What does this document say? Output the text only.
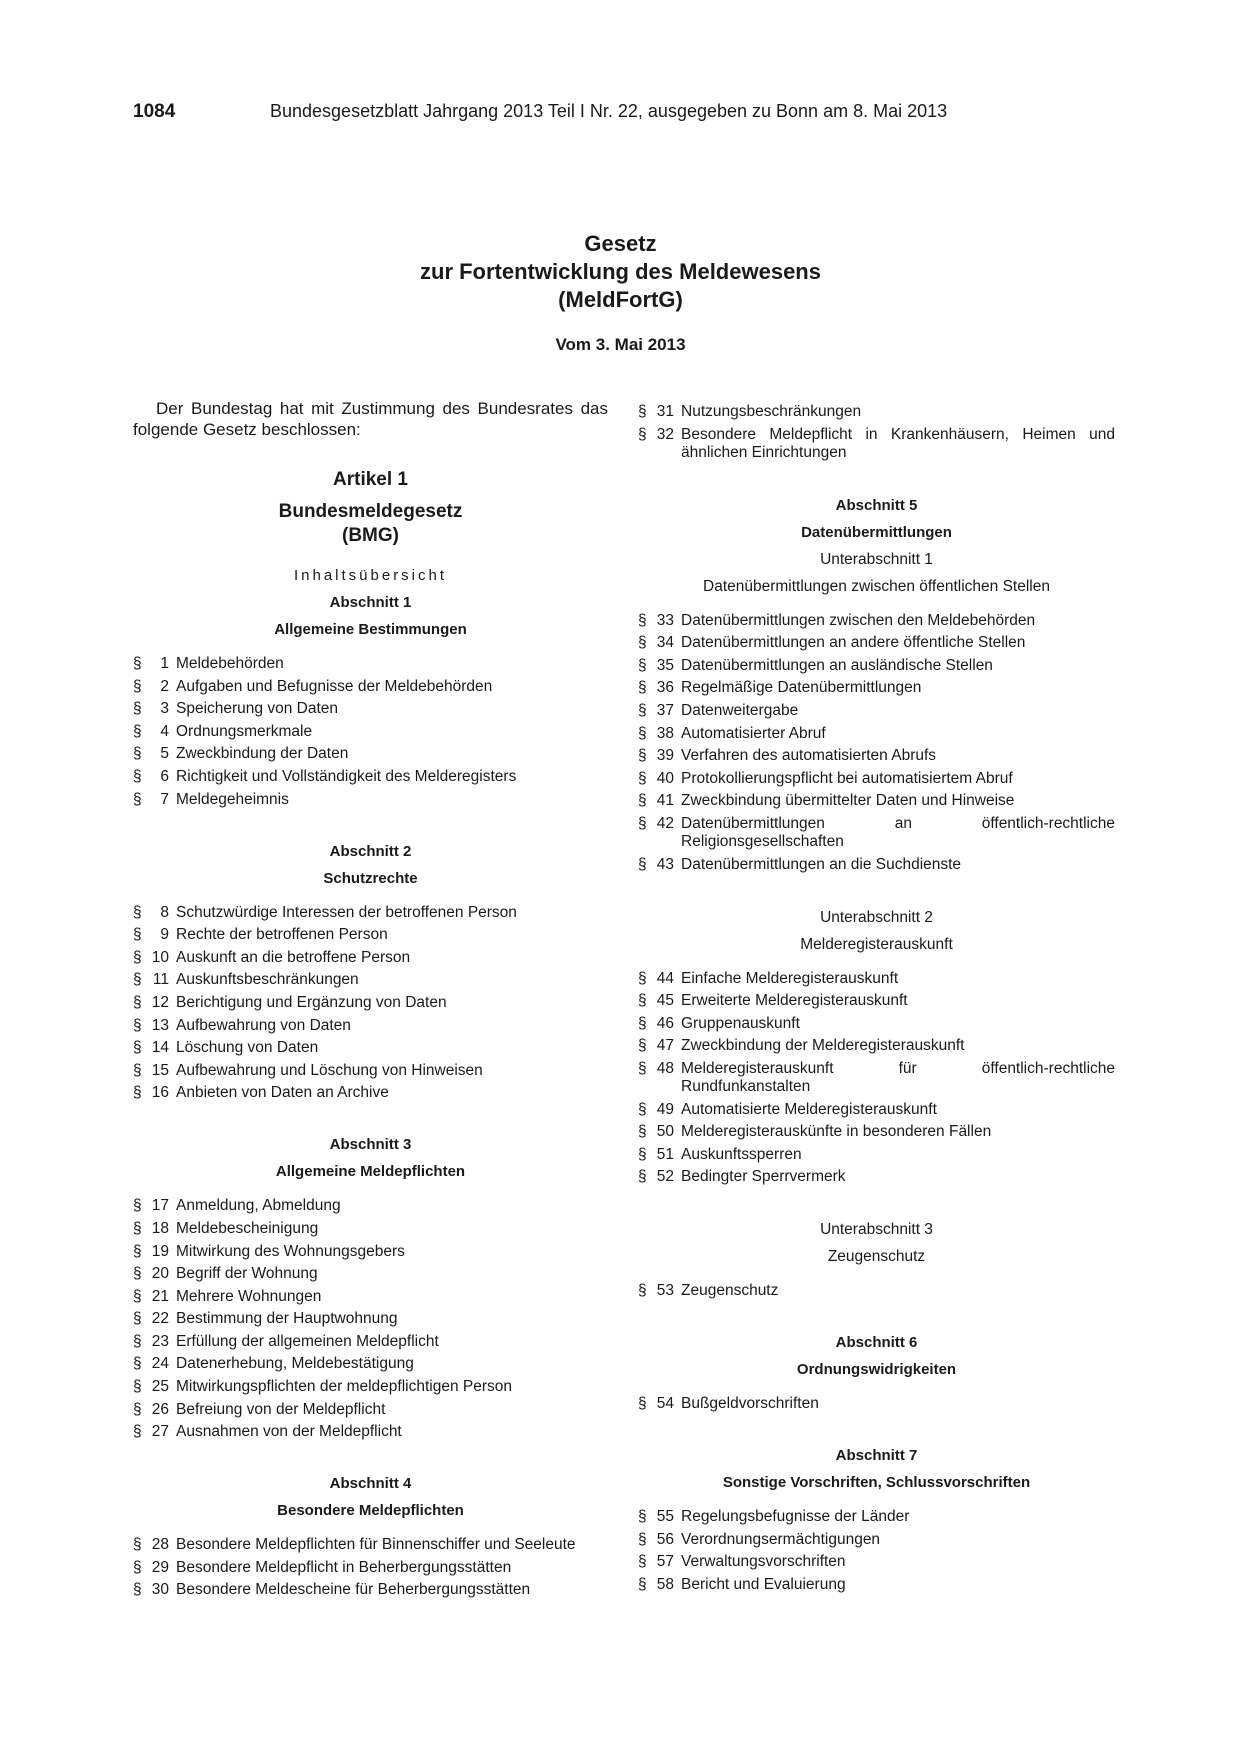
1084	Bundesgesetzblatt Jahrgang 2013 Teil I Nr. 22, ausgegeben zu Bonn am 8. Mai 2013
Gesetz
zur Fortentwicklung des Meldewesens
(MeldFortG)
Vom 3. Mai 2013

Der Bundestag hat mit Zustimmung des Bundesrates das folgende Gesetz beschlossen:

Artikel 1
Bundesmeldegesetz
(BMG)
Inhaltsübersicht
Abschnitt 1
Allgemeine Bestimmungen
§	1 Meldebehörden
§	2 Aufgaben und Befugnisse der Meldebehörden
§	3 Speicherung von Daten
§	4 Ordnungsmerkmale
§	5 Zweckbindung der Daten
§	6 Richtigkeit und Vollständigkeit des Melderegisters
§	7 Meldegeheimnis
Abschnitt 2
Schutzrechte
§	8 Schutzwürdige Interessen der betroffenen Person
§	9 Rechte der betroffenen Person
§ 10 Auskunft an die betroffene Person
§ 11 Auskunftsbeschränkungen
§ 12 Berichtigung und Ergänzung von Daten
§ 13 Aufbewahrung von Daten
§ 14 Löschung von Daten
§ 15 Aufbewahrung und Löschung von Hinweisen
§ 16 Anbieten von Daten an Archive
Abschnitt 3
Allgemeine Meldepflichten
§ 17 Anmeldung, Abmeldung
§ 18 Meldebescheinigung
§ 19 Mitwirkung des Wohnungsgebers
§ 20 Begriff der Wohnung
§ 21 Mehrere Wohnungen
§ 22 Bestimmung der Hauptwohnung
§ 23 Erfüllung der allgemeinen Meldepflicht
§ 24 Datenerhebung, Meldebestätigung
§ 25 Mitwirkungspflichten der meldepflichtigen Person
§ 26 Befreiung von der Meldepflicht
§ 27 Ausnahmen von der Meldepflicht
Abschnitt 4
Besondere Meldepflichten
§ 28 Besondere Meldepflichten für Binnenschiffer und Seeleute
§ 29 Besondere Meldepflicht in Beherbergungsstätten
§ 30 Besondere Meldescheine für Beherbergungsstätten
§ 31 Nutzungsbeschränkungen
§ 32 Besondere Meldepflicht in Krankenhäusern, Heimen und ähnlichen Einrichtungen
Abschnitt 5
Datenübermittlungen
Unterabschnitt 1
Datenübermittlungen zwischen öffentlichen Stellen
§ 33 Datenübermittlungen zwischen den Meldebehörden
§ 34 Datenübermittlungen an andere öffentliche Stellen
§ 35 Datenübermittlungen an ausländische Stellen
§ 36 Regelmäßige Datenübermittlungen
§ 37 Datenweitergabe
§ 38 Automatisierter Abruf
§ 39 Verfahren des automatisierten Abrufs
§ 40 Protokollierungspflicht bei automatisiertem Abruf
§ 41 Zweckbindung übermittelter Daten und Hinweise
§ 42 Datenübermittlungen an öffentlich-rechtliche Religionsgesellschaften
§ 43 Datenübermittlungen an die Suchdienste
Unterabschnitt 2
Melderegisterauskunft
§ 44 Einfache Melderegisterauskunft
§ 45 Erweiterte Melderegisterauskunft
§ 46 Gruppenauskunft
§ 47 Zweckbindung der Melderegisterauskunft
§ 48 Melderegisterauskunft für öffentlich-rechtliche Rundfunkanstalten
§ 49 Automatisierte Melderegisterauskunft
§ 50 Melderegisterauskünfte in besonderen Fällen
§ 51 Auskunftssperren
§ 52 Bedingter Sperrvermerk
Unterabschnitt 3
Zeugenschutz
§ 53 Zeugenschutz
Abschnitt 6
Ordnungswidrigkeiten
§ 54 Bußgeldvorschriften
Abschnitt 7
Sonstige Vorschriften, Schlussvorschriften
§ 55 Regelungsbefugnisse der Länder
§ 56 Verordnungsermächtigungen
§ 57 Verwaltungsvorschriften
§ 58 Bericht und Evaluierung
